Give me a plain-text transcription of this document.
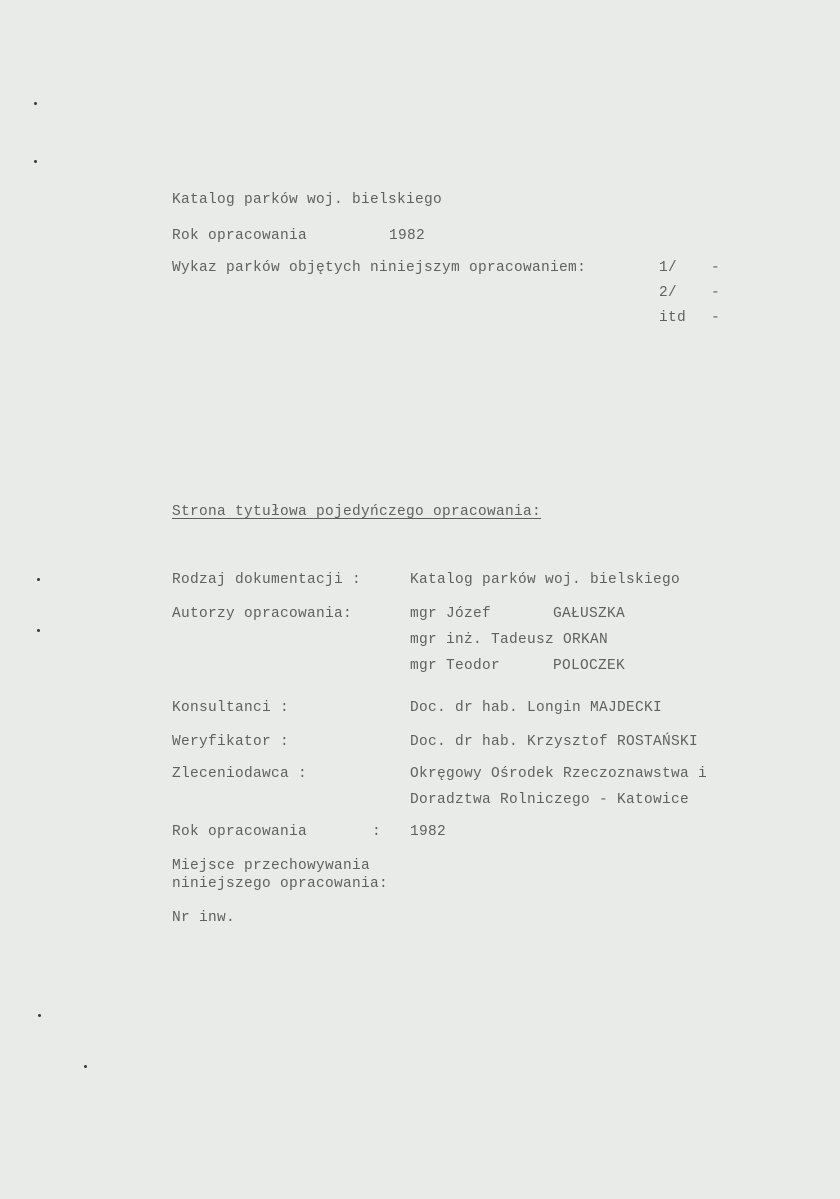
Katalog parków woj. bielskiego
Rok opracowania	1982
Wykaz parków objętych niniejszym opracowaniem:	1/ -
2/ -
itd -
Strona tytułowa pojedyńczego opracowania:
Rodzaj dokumentacji :	Katalog parków woj. bielskiego
Autorzy opracowania:	mgr Józef	GAŁUSZKA
mgr inż. Tadeusz ORKAN
mgr Teodor	POLOCZEK
Konsultanci :	Doc. dr hab. Longin MAJDECKI
Weryfikator :	Doc. dr hab. Krzysztof ROSTAŃSKI
Zleceniodawca :	Okręgowy Ośrodek Rzeczoznawstwa i
Doradztwa Rolniczego - Katowice
Rok opracowania	: 1982
Miejsce przechowywania
niniejszego opracowania:
Nr inw.
